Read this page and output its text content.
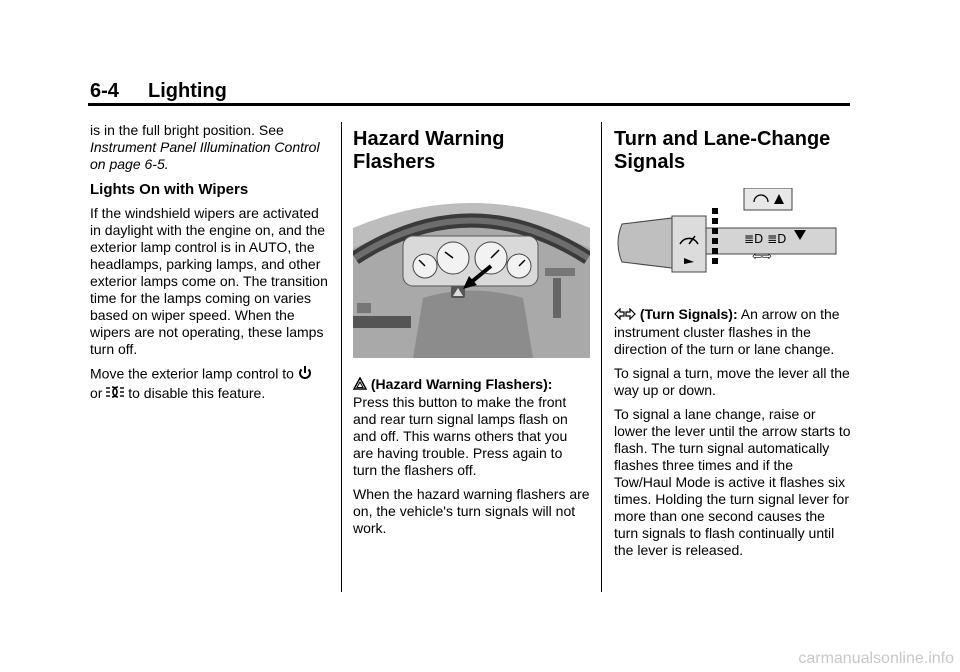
6-4 Lighting

is in the full bright position. See Instrument Panel Illumination Control on page 6-5.

Lights On with Wipers

If the windshield wipers are activated in daylight with the engine on, and the exterior lamp control is in AUTO, the headlamps, parking lamps, and other exterior lamps come on. The transition time for the lamps coming on varies based on wiper speed. When the wipers are not operating, these lamps turn off.

Move the exterior lamp control to
or to disable this feature.

Hazard Warning Flashers

(Hazard Warning Flashers): Press this button to make the front and rear turn signal lamps flash on and off. This warns others that you are having trouble. Press again to turn the flashers off.

When the hazard warning flashers are on, the vehicle's turn signals will not work.

Turn and Lane-Change Signals
≣D ≣D
⇦⇨

(Turn Signals): An arrow on the instrument cluster flashes in the direction of the turn or lane change.

To signal a turn, move the lever all the way up or down.

To signal a lane change, raise or lower the lever until the arrow starts to flash. The turn signal automatically flashes three times and if the Tow/Haul Mode is active it flashes six times. Holding the turn signal lever for more than one second causes the turn signals to flash continually until the lever is released.

carmanualsonline.info
